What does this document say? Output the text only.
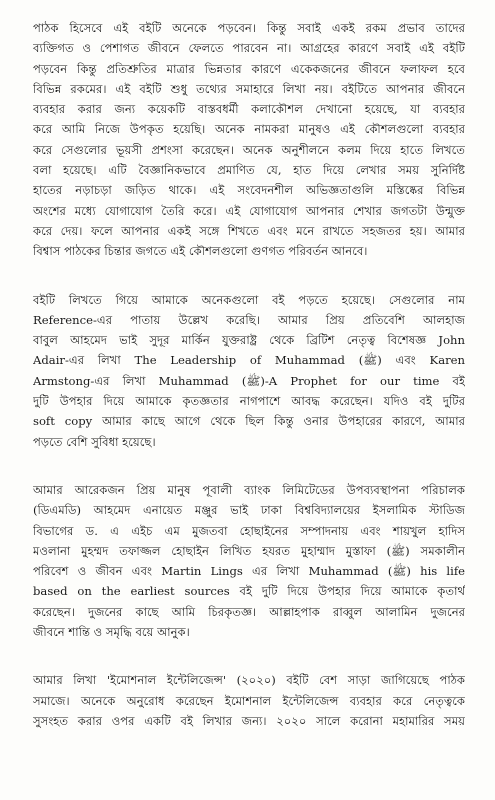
পাঠক হিসেবে এই বইটি অনেকে পড়বেন। কিন্তু সবাই একই রকম প্রভাব তাদের
ব্যক্তিগত ও পেশাগত জীবনে ফেলতে পারবেন না। আগ্রহের কারণে সবাই এই বইটি
পড়বেন কিন্তু প্রতিশ্রুতির মাত্রার ভিন্নতার কারণে একেকজনের জীবনে ফলাফল হবে
বিভিন্ন রকমের। এই বইটি শুধু তথ্যের সমাহারে লিখা নয়। বইটিতে আপনার জীবনে
ব্যবহার করার জন্য কয়েকটি বাস্তবধর্মী কলাকৌশল দেখানো হয়েছে, যা ব্যবহার
করে আমি নিজে উপকৃত হয়েছি। অনেক নামকরা মানুষও এই কৌশলগুলো ব্যবহার
করে সেগুলোর ভূয়সী প্রশংসা করেছেন। অনেক অনুশীলনে কলম দিয়ে হাতে লিখতে
বলা হয়েছে। এটি বৈজ্ঞানিকভাবে প্রমাণিত যে, হাত দিয়ে লেখার সময় সুনির্দিষ্ট
হাতের নড়াচড়া জড়িত থাকে। এই সংবেদনশীল অভিজ্ঞতাগুলি মস্তিষ্কের বিভিন্ন
অংশের মধ্যে যোগাযোগ তৈরি করে। এই যোগাযোগ আপনার শেখার জগতটা উন্মুক্ত
করে দেয়। ফলে আপনার একই সঙ্গে শিখতে এবং মনে রাখতে সহজতর হয়। আমার
বিশ্বাস পাঠকের চিন্তার জগতে এই কৌশলগুলো গুণগত পরিবর্তন আনবে।
বইটি লিখতে গিয়ে আমাকে অনেকগুলো বই পড়তে হয়েছে। সেগুলোর নাম
Reference-এর পাতায় উল্লেখ করেছি। আমার প্রিয় প্রতিবেশি আলহাজ
বাবুল আহমেদ ভাই সুদূর মার্কিন যুক্তরাষ্ট্র থেকে ব্রিটিশ নেতৃত্ব বিশেষজ্ঞ John
Adair-এর লিখা The Leadership of Muhammad (ﷺ) এবং Karen
Armstong-এর লিখা Muhammad (ﷺ)-A Prophet for our time বই
দুটি উপহার দিয়ে আমাকে কৃতজ্ঞতার নাগপাশে আবদ্ধ করেছেন। যদিও বই দুটির
soft copy আমার কাছে আগে থেকে ছিল কিন্তু ওনার উপহারের কারণে, আমার
পড়তে বেশি সুবিধা হয়েছে।
আমার আরেকজন প্রিয় মানুষ পূবালী ব্যাংক লিমিটেডের উপব্যবস্থাপনা পরিচালক
(ডিএমডি) আহমেদ এনায়েত মঞ্জুর ভাই ঢাকা বিশ্ববিদ্যালয়ের ইসলামিক স্টাডিজ
বিভাগের ড. এ এইচ এম মুজতবা হোছাইনের সম্পাদনায় এবং শায়খুল হাদিস
মওলানা মুহম্মদ তফাজ্জল হোছাইন লিখিত হযরত মুহাম্মাদ মুস্তাফা (ﷺ) সমকালীন
পরিবেশ ও জীবন এবং Martin Lings এর লিখা Muhammad (ﷺ) his life
based on the earliest sources বই দুটি দিয়ে উপহার দিয়ে আমাকে কৃতার্থ
করেছেন। দুজনের কাছে আমি চিরকৃতজ্ঞ। আল্লাহপাক রাব্বুল আলামিন দুজনের
জীবনে শান্তি ও সমৃদ্ধি বয়ে আনুক।
আমার লিখা 'ইমোশনাল ইন্টেলিজেন্স' (২০২০) বইটি বেশ সাড়া জাগিয়েছে পাঠক
সমাজে। অনেকে অনুরোধ করেছেন ইমোশনাল ইন্টেলিজেন্স ব্যবহার করে নেতৃত্বকে
সুসংহত করার ওপর একটি বই লিখার জন্য। ২০২০ সালে করোনা মহামারির সময়
